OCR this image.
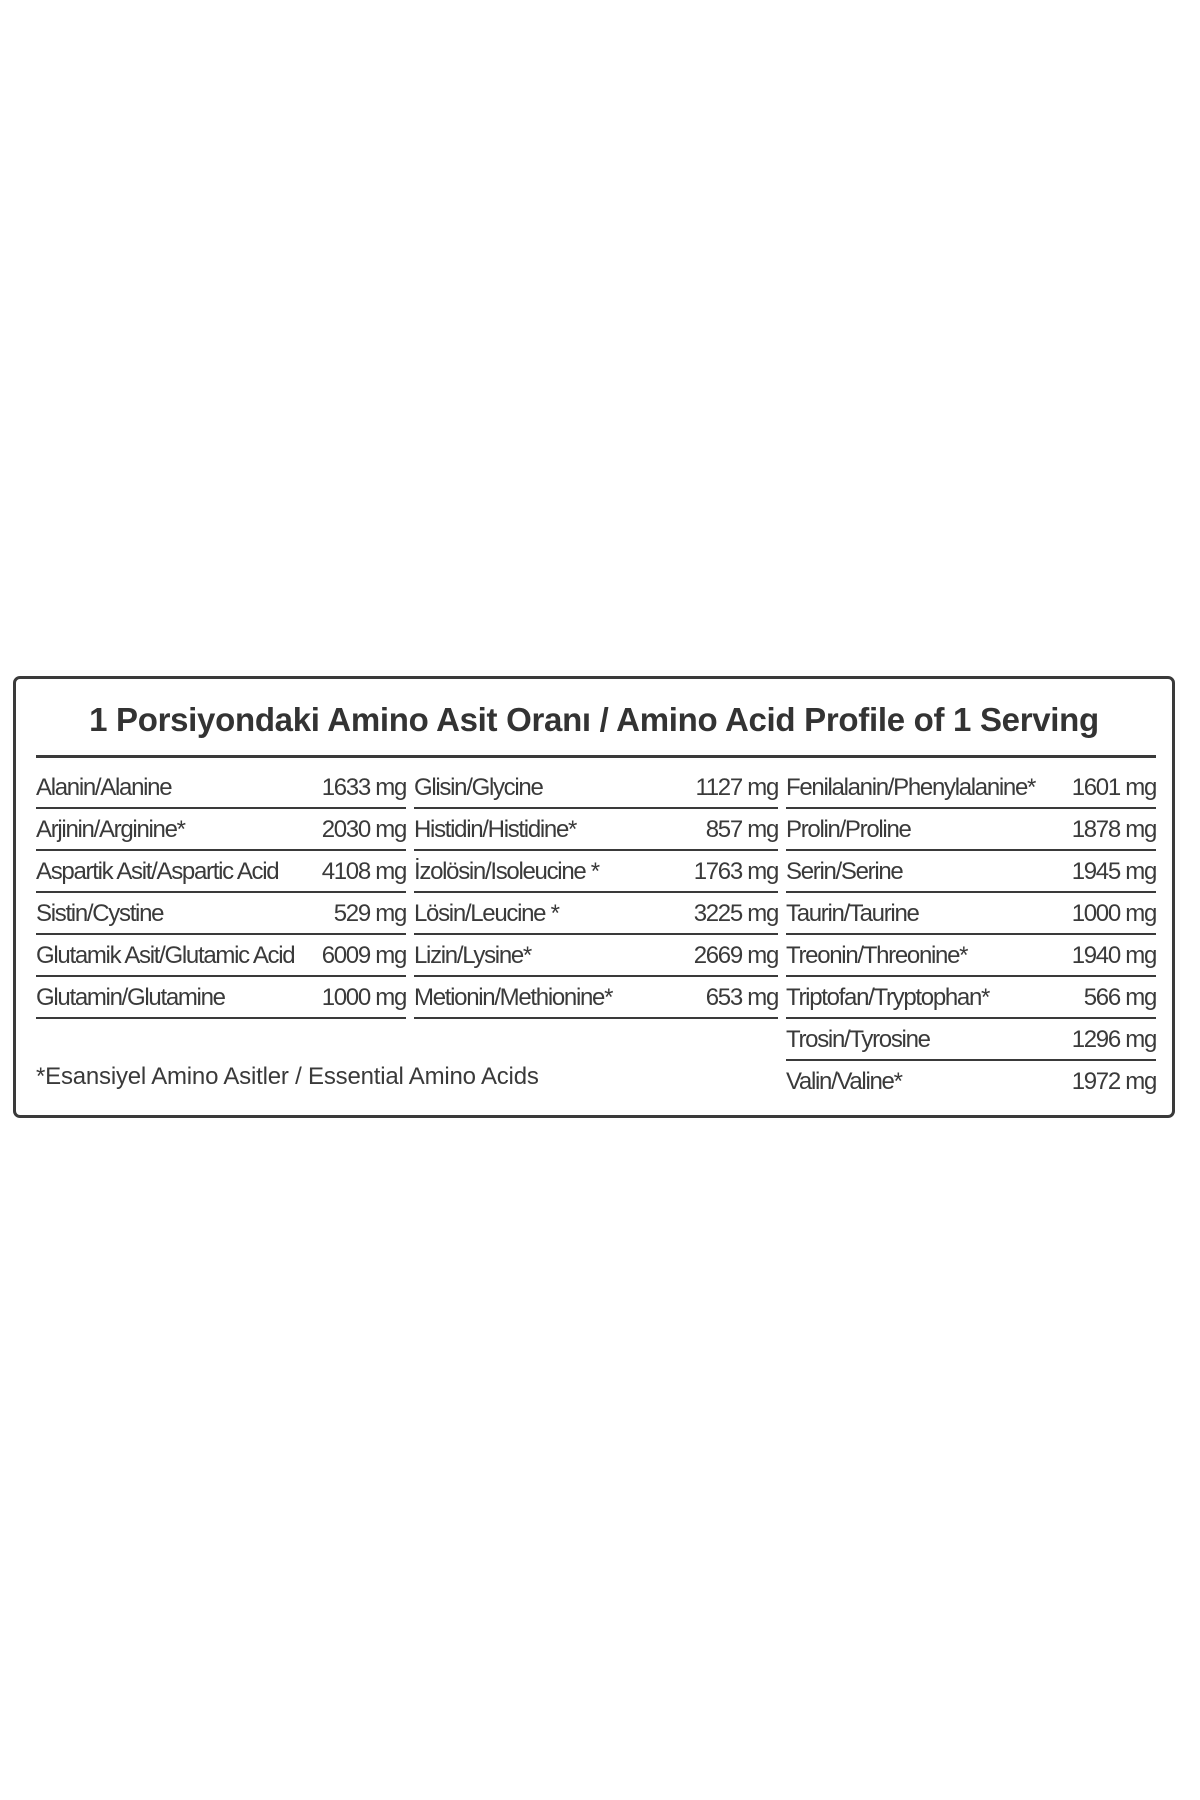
1 Porsiyondaki Amino Asit Oranı / Amino Acid Profile of 1 Serving
Alanin/Alanine	1633 mg
Arjinin/Arginine*	2030 mg
Aspartik Asit/Aspartic Acid 4108 mg
Sistin/Cystine	529 mg
Glutamik Asit/Glutamic Acid 6009 mg
Glutamin/Glutamine	1000 mg
Glisin/Glycine	1127 mg
Histidin/Histidine*	857 mg
İzolösin/Isoleucine *	1763 mg
Lösin/Leucine *	3225 mg
Lizin/Lysine*	2669 mg
Metionin/Methionine*	653 mg
Fenilalanin/Phenylalanine* 1601 mg
Prolin/Proline	1878 mg
Serin/Serine	1945 mg
Taurin/Taurine	1000 mg
Treonin/Threonine*	1940 mg
Triptofan/Tryptophan*	566 mg
Trosin/Tyrosine	1296 mg
Valin/Valine*	1972 mg
*Esansiyel Amino Asitler / Essential Amino Acids
